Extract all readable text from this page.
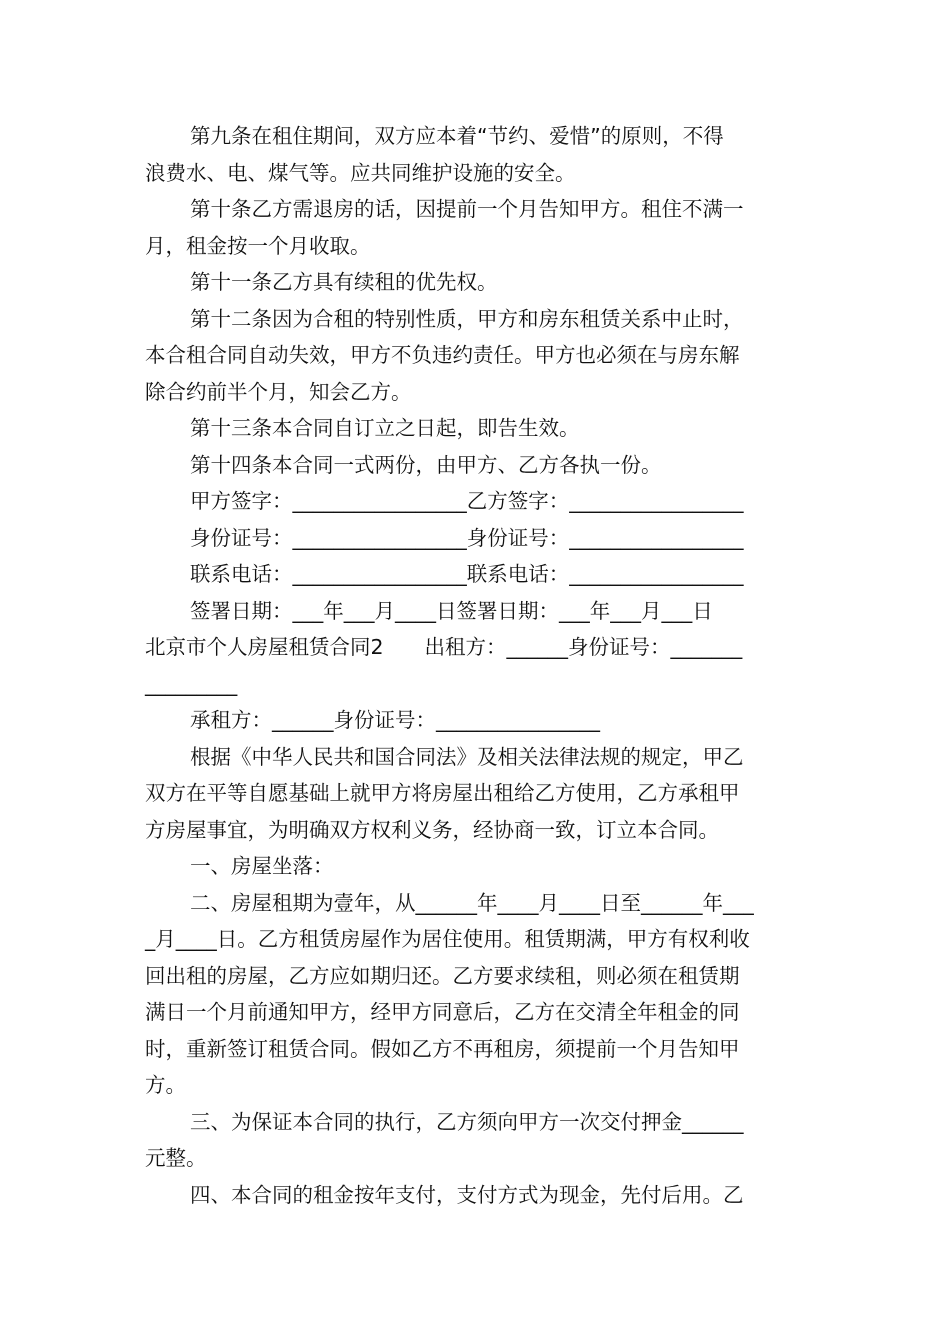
第九条在租住期间，双方应本着“节约、爱惜”的原则，不得
浪费水、电、煤气等。应共同维护设施的安全。
第十条乙方需退房的话，因提前一个月告知甲方。租住不满一
月，租金按一个月收取。
第十一条乙方具有续租的优先权。
第十二条因为合租的特别性质，甲方和房东租赁关系中止时，
本合租合同自动失效，甲方不负违约责任。甲方也必须在与房东解
除合约前半个月，知会乙方。
第十三条本合同自订立之日起，即告生效。
第十四条本合同一式两份，由甲方、乙方各执一份。
甲方签字：_________________乙方签字：_________________
身份证号：_________________身份证号：_________________
联系电话：_________________联系电话：_________________
签署日期：___年___月____日签署日期：___年___月___日
北京市个人房屋租赁合同2　　出租方：______身份证号：_______
_________
承租方：______身份证号：________________
根据《中华人民共和国合同法》及相关法律法规的规定，甲乙
双方在平等自愿基础上就甲方将房屋出租给乙方使用，乙方承租甲
方房屋事宜，为明确双方权利义务，经协商一致，订立本合同。
一、房屋坐落：
二、房屋租期为壹年，从______年____月____日至______年___
_月____日。乙方租赁房屋作为居住使用。租赁期满，甲方有权利收
回出租的房屋，乙方应如期归还。乙方要求续租，则必须在租赁期
满日一个月前通知甲方，经甲方同意后，乙方在交清全年租金的同
时，重新签订租赁合同。假如乙方不再租房，须提前一个月告知甲
方。
三、为保证本合同的执行，乙方须向甲方一次交付押金______
元整。
四、本合同的租金按年支付，支付方式为现金，先付后用。乙
